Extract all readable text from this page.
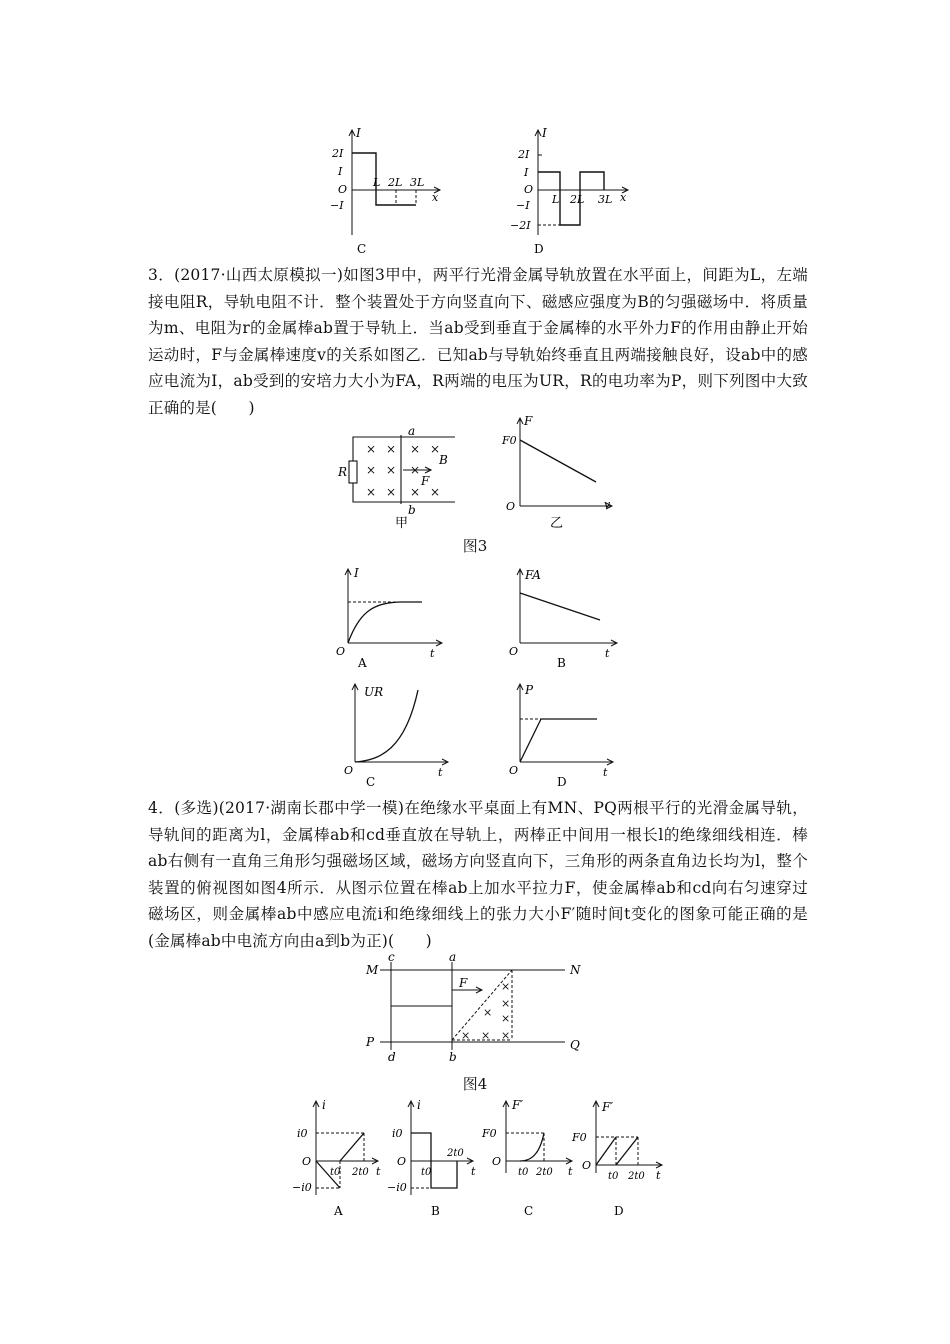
I
2I
I
O
−I
L 2L 3L
x
C
I
2I
I
O
−I
−2I
L 2L 3L x
D

3．(2017·山西太原模拟一)如图3甲中，两平行光滑金属导轨放置在水平面上，间距为L，左端接电阻R，导轨电阻不计．整个装置处于方向竖直向下、磁感应强度为B的匀强磁场中．将质量为m、电阻为r的金属棒ab置于导轨上．当ab受到垂直于金属棒的水平外力F的作用由静止开始运动时，F与金属棒速度v的关系如图乙．已知ab与导轨始终垂直且两端接触良好，设ab中的感应电流为I，ab受到的安培力大小为FA，R两端的电压为UR，R的电功率为P，则下列图中大致正确的是(　　)

× × × ×
× × ×
× × × ×
R
a
b
B
F
甲
F
F0
O	v
乙
图3
I
O	t
A
FA
O	t
B
UR
O	t
C
P
O	t
D

4．(多选)(2017·湖南长郡中学一模)在绝缘水平桌面上有MN、PQ两根平行的光滑金属导轨，导轨间的距离为l，金属棒ab和cd垂直放在导轨上，两棒正中间用一根长l的绝缘细线相连．棒ab右侧有一直角三角形匀强磁场区域，磁场方向竖直向下，三角形的两条直角边长均为l，整个装置的俯视图如图4所示．从图示位置在棒ab上加水平拉力F，使金属棒ab和cd向右匀速穿过磁场区，则金属棒ab中感应电流i和绝缘细线上的张力大小F′随时间t变化的图象可能正确的是(金属棒ab中电流方向由a到b为正)(　　)

×
×
× ×
× × ×
M	N
P	Q
c	a
d	b
F
图4
i
i0
O
−i0
t0 2t0 t
A
i
i0
O
−i0
t0
2t0
t
B
F′
F0
O
t0 2t0 t
C
F′
F0
O
t0 2t0 t
D
